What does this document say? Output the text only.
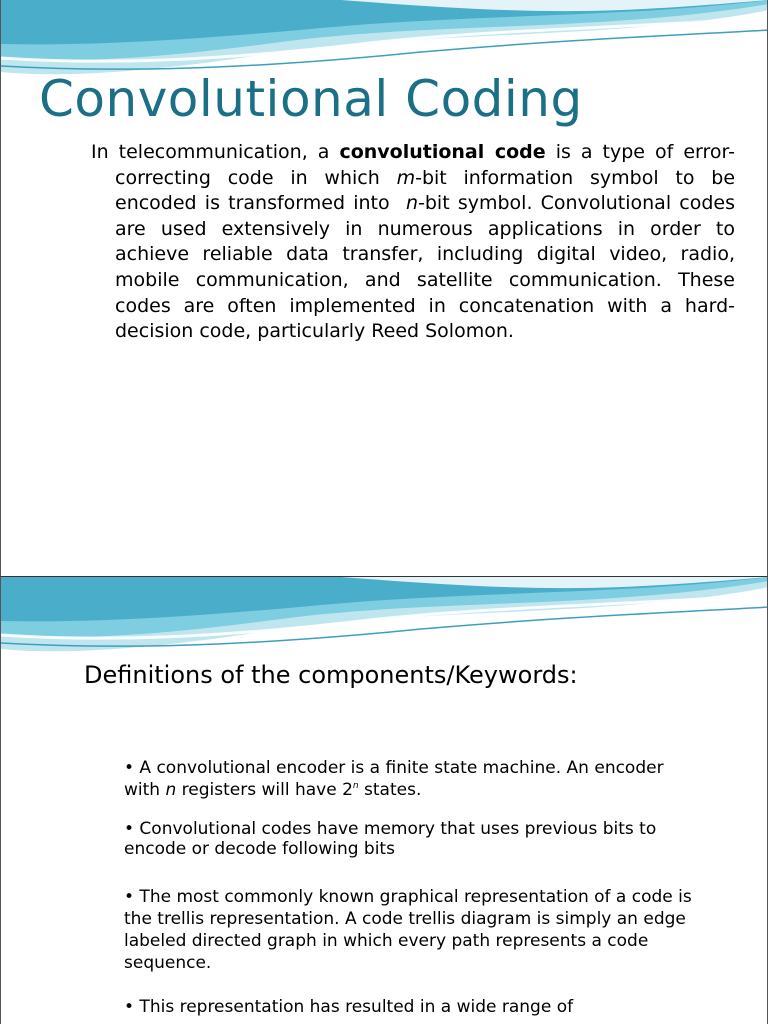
Convolutional Coding

In telecommunication, a convolutional code is a type of error-correcting code in which m-bit information symbol to be encoded is transformed into  n-bit symbol. Convolutional codes are used extensively in numerous applications in order to achieve reliable data transfer, including digital video, radio, mobile communication, and satellite communication. These codes are often implemented in concatenation with a hard-decision code, particularly Reed Solomon.

Definitions of the components/Keywords:

• A convolutional encoder is a finite state machine. An encoder with n registers will have 2$^n$ states.

• Convolutional codes have memory that uses previous bits to
encode or decode following bits

• The most commonly known graphical representation of a code is the trellis representation. A code trellis diagram is simply an edge labeled directed graph in which every path represents a code sequence.

• This representation has resulted in a wide range of
